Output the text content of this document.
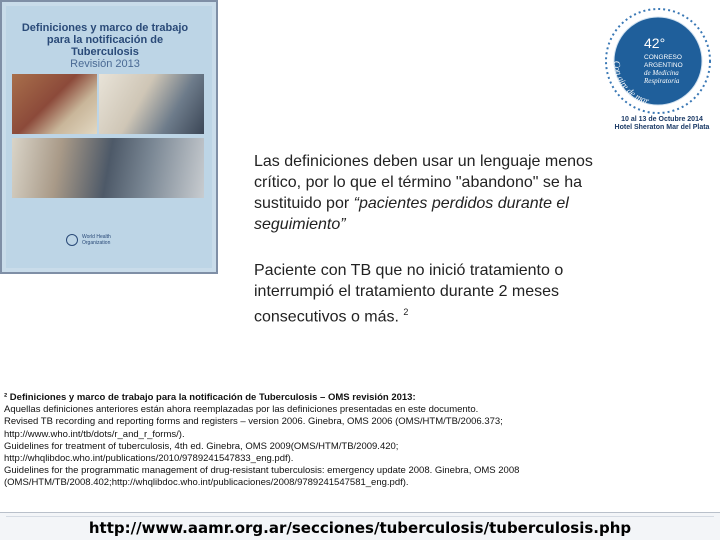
Definiciones y marco de trabajo
para la notificación de
Tuberculosis
Revisión 2013
World Health
Organization
42°
CONGRESO
ARGENTINO
de Medicina
Respiratoria
Con aire de mar
10 al 13 de Octubre 2014
Hotel Sheraton Mar del Plata
Las definiciones deben usar un lenguaje menos crítico, por lo que el término "abandono" se ha sustituido por “pacientes perdidos durante el seguimiento”
Paciente con TB que no inició tratamiento o interrumpió el tratamiento durante 2 meses consecutivos o más. $^2$
² Definiciones y marco de trabajo para la notificación de Tuberculosis – OMS revisión 2013:
Aquellas definiciones anteriores están ahora reemplazadas por las definiciones presentadas en este documento.
Revised TB recording and reporting forms and registers – version 2006. Ginebra, OMS 2006 (OMS/HTM/TB/2006.373;
http://www.who.int/tb/dots/r_and_r_forms/).
Guidelines for treatment of tuberculosis, 4th ed. Ginebra, OMS 2009(OMS/HTM/TB/2009.420;
http://whqlibdoc.who.int/publications/2010/9789241547833_eng.pdf).
Guidelines for the programmatic management of drug-resistant tuberculosis: emergency update 2008. Ginebra, OMS 2008
(OMS/HTM/TB/2008.402;http://whqlibdoc.who.int/publicaciones/2008/9789241547581_eng.pdf).
http://www.aamr.org.ar/secciones/tuberculosis/tuberculosis.php
